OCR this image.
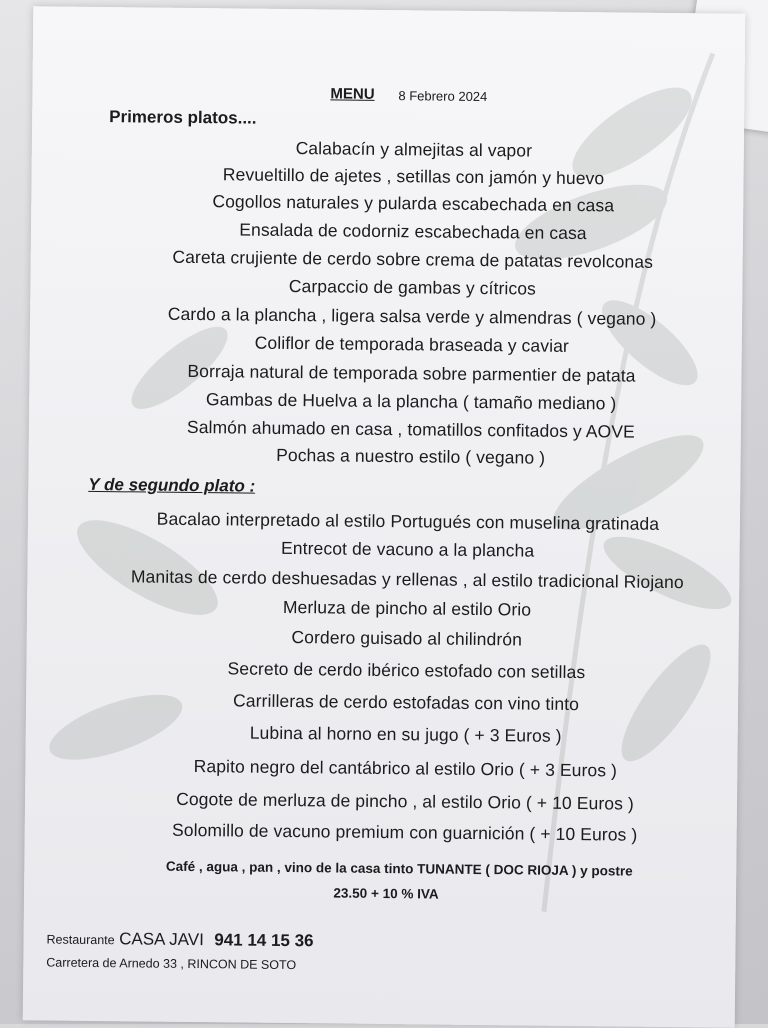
MENU 8 Febrero 2024
Primeros platos....
Calabacín y almejitas al vapor
Revueltillo de ajetes , setillas con jamón y huevo
Cogollos naturales y pularda escabechada en casa
Ensalada de codorniz escabechada en casa
Careta crujiente de cerdo sobre crema de patatas revolconas
Carpaccio de gambas y cítricos
Cardo a la plancha , ligera salsa verde y almendras ( vegano )
Coliflor de temporada braseada y caviar
Borraja natural de temporada sobre parmentier de patata
Gambas de Huelva a la plancha ( tamaño mediano )
Salmón ahumado en casa , tomatillos confitados y AOVE
Pochas a nuestro estilo ( vegano )
Y de segundo plato :
Bacalao interpretado al estilo Portugués con muselina gratinada
Entrecot de vacuno a la plancha
Manitas de cerdo deshuesadas y rellenas , al estilo tradicional Riojano
Merluza de pincho al estilo Orio
Cordero guisado al chilindrón
Secreto de cerdo ibérico estofado con setillas
Carrilleras de cerdo estofadas con vino tinto
Lubina al horno en su jugo ( + 3 Euros )
Rapito negro del cantábrico al estilo Orio ( + 3 Euros )
Cogote de merluza de pincho , al estilo Orio ( + 10 Euros )
Solomillo de vacuno premium con guarnición ( + 10 Euros )
Café , agua , pan , vino de la casa tinto TUNANTE ( DOC RIOJA ) y postre
23.50 + 10 % IVA
Restaurante CASA JAVI 941 14 15 36
Carretera de Arnedo 33 , RINCON DE SOTO
